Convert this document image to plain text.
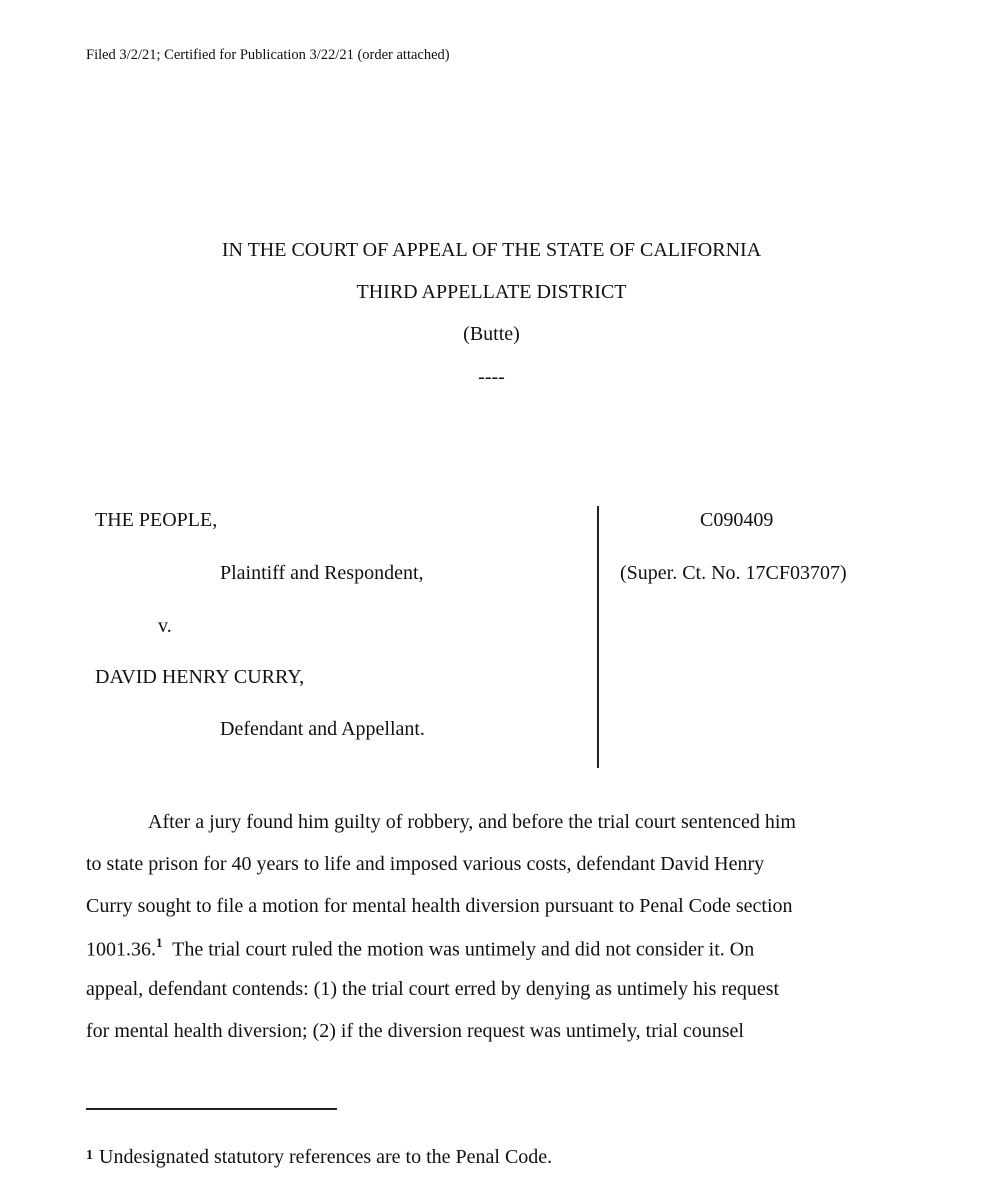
Filed 3/2/21; Certified for Publication 3/22/21 (order attached)
IN THE COURT OF APPEAL OF THE STATE OF CALIFORNIA
THIRD APPELLATE DISTRICT
(Butte)
----
THE PEOPLE,
Plaintiff and Respondent,
v.
DAVID HENRY CURRY,
Defendant and Appellant.
C090409
(Super. Ct. No. 17CF03707)
After a jury found him guilty of robbery, and before the trial court sentenced him
to state prison for 40 years to life and imposed various costs, defendant David Henry
Curry sought to file a motion for mental health diversion pursuant to Penal Code section
1001.36.$^1$ The trial court ruled the motion was untimely and did not consider it. On
appeal, defendant contends: (1) the trial court erred by denying as untimely his request
for mental health diversion; (2) if the diversion request was untimely, trial counsel
$^1$ Undesignated statutory references are to the Penal Code.
